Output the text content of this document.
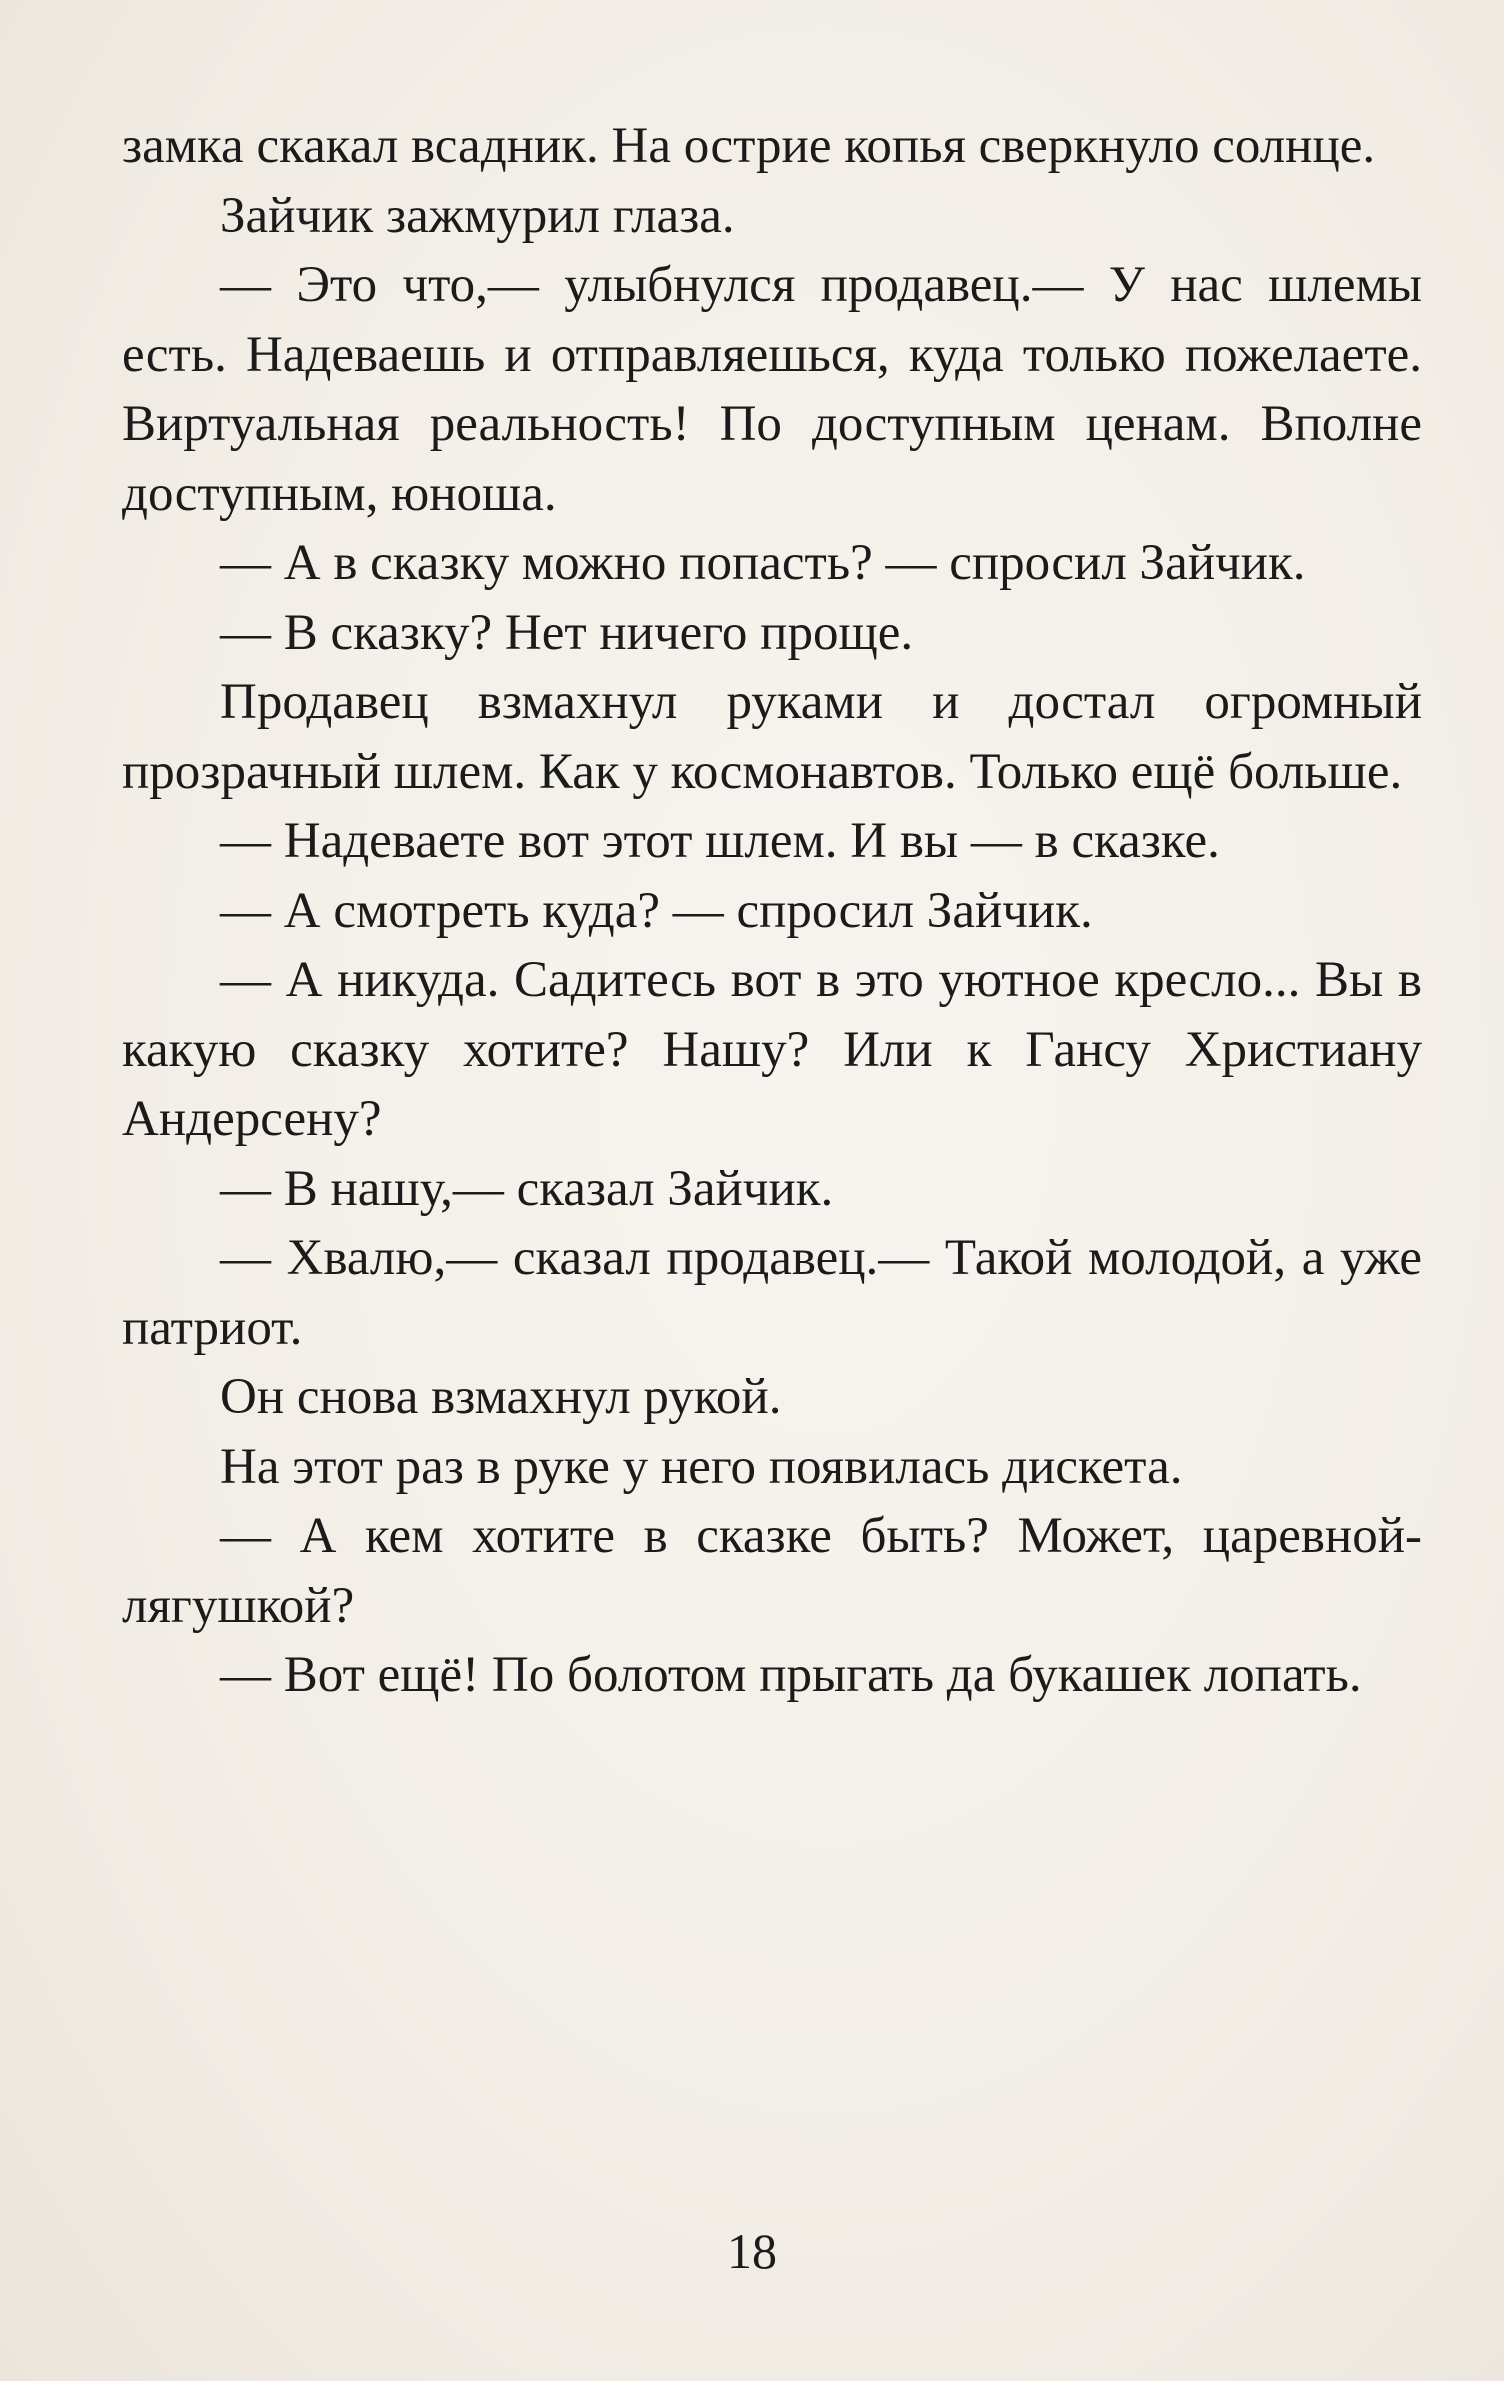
замка скакал всадник. На острие копья сверкнуло солнце.

Зайчик зажмурил глаза.

— Это что,— улыбнулся продавец.— У нас шлемы есть. Надеваешь и отправляешься, куда только пожелаете. Виртуальная реальность! По доступным ценам. Вполне доступным, юноша.

— А в сказку можно попасть? — спросил Зайчик.

— В сказку? Нет ничего проще.

Продавец взмахнул руками и достал огромный прозрачный шлем. Как у космонавтов. Только ещё больше.

— Надеваете вот этот шлем. И вы — в сказке.

— А смотреть куда? — спросил Зайчик.

— А никуда. Садитесь вот в это уютное кресло... Вы в какую сказку хотите? Нашу? Или к Гансу Христиану Андерсену?

— В нашу,— сказал Зайчик.

— Хвалю,— сказал продавец.— Такой молодой, а уже патриот.

Он снова взмахнул рукой.

На этот раз в руке у него появилась дискета.

— А кем хотите в сказке быть? Может, царевной-лягушкой?

— Вот ещё! По болотом прыгать да букашек лопать.

18
